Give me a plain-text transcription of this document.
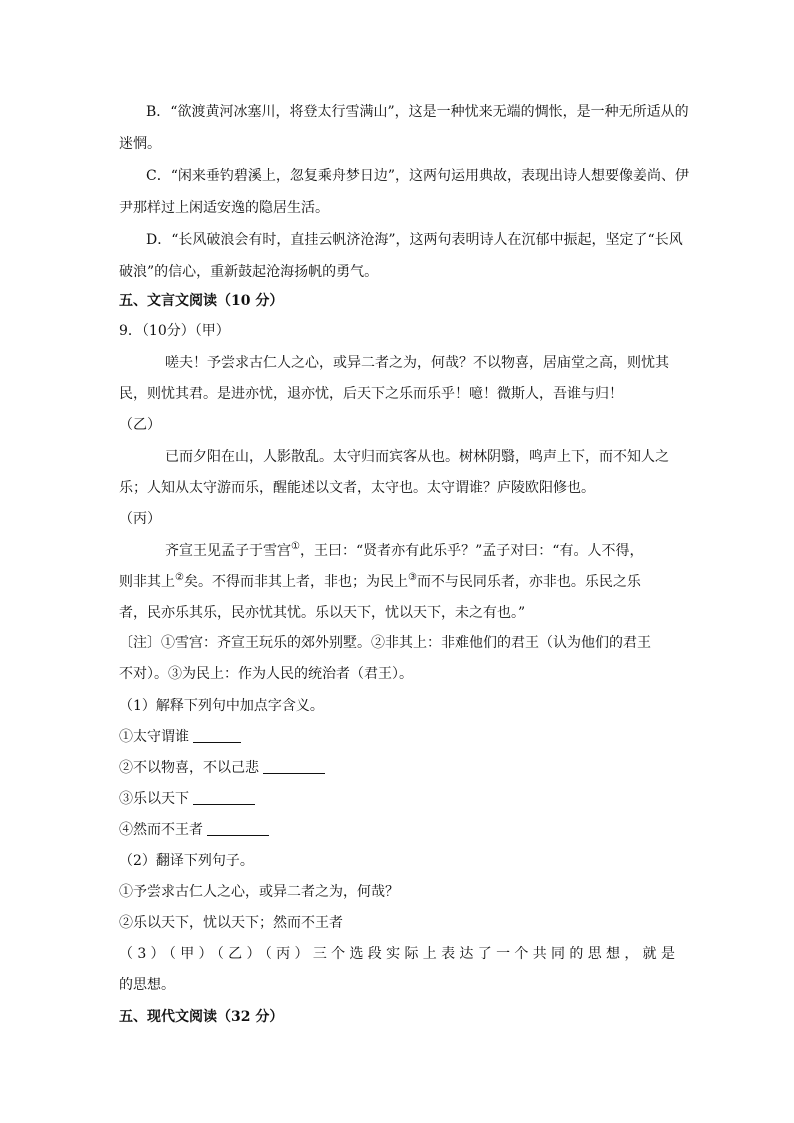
B．“欲渡黄河冰塞川，将登太行雪满山”，这是一种忧来无端的惆怅，是一种无所适从的
迷惘。
C．“闲来垂钓碧溪上，忽复乘舟梦日边”，这两句运用典故，表现出诗人想要像姜尚、伊
尹那样过上闲适安逸的隐居生活。
D．“长风破浪会有时，直挂云帆济沧海”，这两句表明诗人在沉郁中振起，坚定了“长风
破浪”的信心，重新鼓起沧海扬帆的勇气。
五、文言文阅读（10 分）
9．（10分）（甲）
嗟夫！予尝求古仁人之心，或异二者之为，何哉？不以物喜，居庙堂之高，则忧其
民，则忧其君。是进亦忧，退亦忧，后天下之乐而乐乎！噫！微斯人，吾谁与归！
（乙）
已而夕阳在山，人影散乱。太守归而宾客从也。树林阴翳，鸣声上下，而不知人之
乐；人知从太守游而乐，醒能述以文者，太守也。太守谓谁？庐陵欧阳修也。
（丙）
齐宣王见孟子于雪宫①，王曰：“贤者亦有此乐乎？”孟子对曰：“有。人不得，
则非其上②矣。不得而非其上者，非也；为民上③而不与民同乐者，亦非也。乐民之乐
者，民亦乐其乐，民亦忧其忧。乐以天下，忧以天下，未之有也。”
〔注〕①雪宫：齐宣王玩乐的郊外别墅。②非其上：非难他们的君王（认为他们的君王
不对）。③为民上：作为人民的统治者（君王）。
（1）解释下列句中加点字含义。
①太守谓谁
②不以物喜，不以己悲
③乐以天下
④然而不王者
（2）翻译下列句子。
①予尝求古仁人之心，或异二者之为，何哉？
②乐以天下，忧以天下；然而不王者
（3）（甲）（乙）（丙）三个选段实际上表达了一个共同的思想，就是
的思想。
五、现代文阅读（32 分）
